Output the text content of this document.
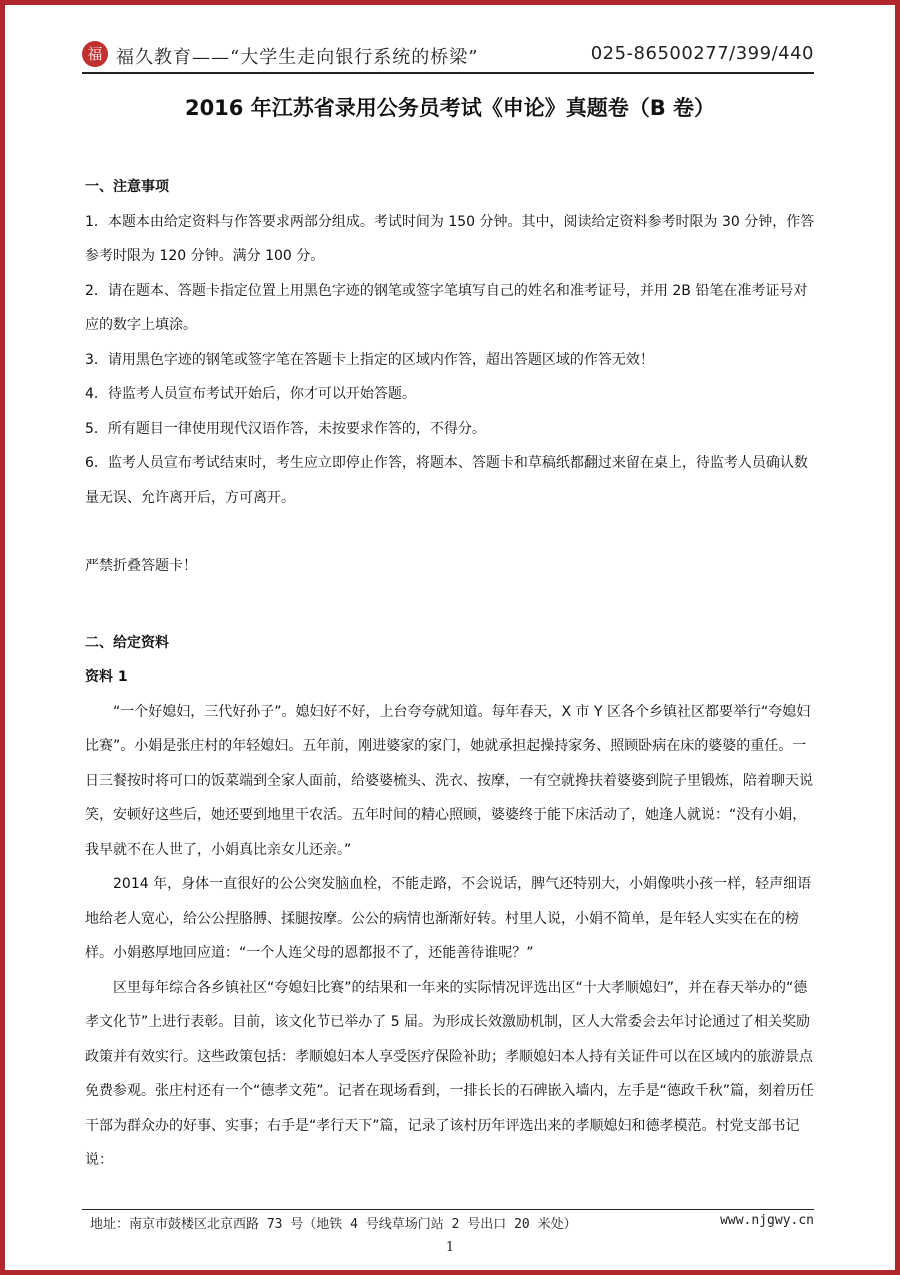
福 福久教育——“大学生走向银行系统的桥梁”	025-86500277/399/440
2016 年江苏省录用公务员考试《申论》真题卷（B 卷）

一、注意事项

1．本题本由给定资料与作答要求两部分组成。考试时间为 150 分钟。其中，阅读给定资料参考时限为 30 分钟，作答参考时限为 120 分钟。满分 100 分。

2．请在题本、答题卡指定位置上用黑色字迹的钢笔或签字笔填写自己的姓名和准考证号，并用 2B 铅笔在准考证号对应的数字上填涂。

3．请用黑色字迹的钢笔或签字笔在答题卡上指定的区域内作答，超出答题区域的作答无效！

4．待监考人员宣布考试开始后，你才可以开始答题。

5．所有题目一律使用现代汉语作答，未按要求作答的，不得分。

6．监考人员宣布考试结束时，考生应立即停止作答，将题本、答题卡和草稿纸都翻过来留在桌上，待监考人员确认数量无误、允许离开后，方可离开。

严禁折叠答题卡！

二、给定资料

资料 1

“一个好媳妇，三代好孙子”。媳妇好不好，上台夸夸就知道。每年春天，X 市 Y 区各个乡镇社区都要举行“夸媳妇比赛”。小娟是张庄村的年轻媳妇。五年前，刚进婆家的家门，她就承担起操持家务、照顾卧病在床的婆婆的重任。一日三餐按时将可口的饭菜端到全家人面前，给婆婆梳头、洗衣、按摩，一有空就搀扶着婆婆到院子里锻炼，陪着聊天说笑，安顿好这些后，她还要到地里干农活。五年时间的精心照顾，婆婆终于能下床活动了，她逢人就说：“没有小娟，我早就不在人世了，小娟真比亲女儿还亲。”

2014 年，身体一直很好的公公突发脑血栓，不能走路，不会说话，脾气还特别大，小娟像哄小孩一样，轻声细语地给老人宽心，给公公捏胳膊、揉腿按摩。公公的病情也渐渐好转。村里人说，小娟不简单，是年轻人实实在在的榜样。小娟憨厚地回应道：“一个人连父母的恩都报不了，还能善待谁呢？”

区里每年综合各乡镇社区“夸媳妇比赛”的结果和一年来的实际情况评选出区“十大孝顺媳妇”，并在春天举办的“德孝文化节”上进行表彰。目前，该文化节已举办了 5 届。为形成长效激励机制，区人大常委会去年讨论通过了相关奖励政策并有效实行。这些政策包括：孝顺媳妇本人享受医疗保险补助；孝顺媳妇本人持有关证件可以在区域内的旅游景点免费参观。张庄村还有一个“德孝文苑”。记者在现场看到，一排长长的石碑嵌入墙内，左手是“德政千秋”篇，刻着历任干部为群众办的好事、实事；右手是“孝行天下”篇，记录了该村历年评选出来的孝顺媳妇和德孝模范。村党支部书记说：

地址：南京市鼓楼区北京西路 73 号（地铁 4 号线草场门站 2 号出口 20 米处）	www.njgwy.cn
1
